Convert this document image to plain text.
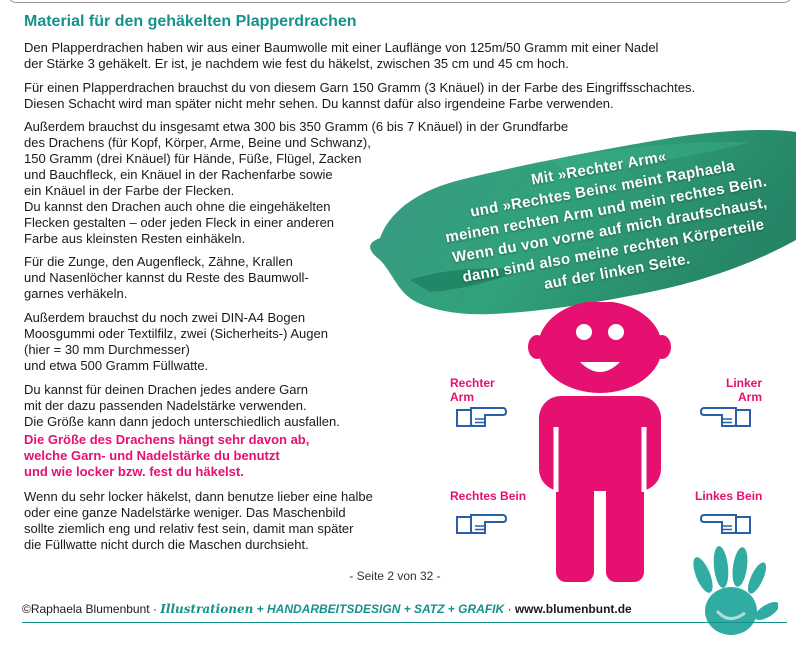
Material für den gehäkelten Plapperdrachen

Den Plapperdrachen haben wir aus einer Baumwolle mit einer Lauflänge von 125m/50 Gramm mit einer Nadel
der Stärke 3 gehäkelt. Er ist, je nachdem wie fest du häkelst, zwischen 35 cm und 45 cm hoch.

Für einen Plapperdrachen brauchst du von diesem Garn 150 Gramm (3 Knäuel) in der Farbe des Eingriffsschachtes.
Diesen Schacht wird man später nicht mehr sehen. Du kannst dafür also irgendeine Farbe verwenden.

Außerdem brauchst du insgesamt etwa 300 bis 350 Gramm (6 bis 7 Knäuel) in der Grundfarbe
des Drachens (für Kopf, Körper, Arme, Beine und Schwanz),
150 Gramm (drei Knäuel) für Hände, Füße, Flügel, Zacken
und Bauchfleck, ein Knäuel in der Rachenfarbe sowie
ein Knäuel in der Farbe der Flecken.
Du kannst den Drachen auch ohne die eingehäkelten
Flecken gestalten – oder jeden Fleck in einer anderen
Farbe aus kleinsten Resten einhäkeln.

Für die Zunge, den Augenfleck, Zähne, Krallen
und Nasenlöcher kannst du Reste des Baumwoll-
garnes verhäkeln.

Außerdem brauchst du noch zwei DIN-A4 Bogen
Moosgummi oder Textilfilz, zwei (Sicherheits-) Augen
(hier = 30 mm Durchmesser)
und etwa 500 Gramm Füllwatte.

Du kannst für deinen Drachen jedes andere Garn
mit der dazu passenden Nadelstärke verwenden.
Die Größe kann dann jedoch unterschiedlich ausfallen.

Die Größe des Drachens hängt sehr davon ab,
welche Garn- und Nadelstärke du benutzt
und wie locker bzw. fest du häkelst.

Wenn du sehr locker häkelst, dann benutze lieber eine halbe
oder eine ganze Nadelstärke weniger. Das Maschenbild
sollte ziemlich eng und relativ fest sein, damit man später
die Füllwatte nicht durch die Maschen durchsieht.

Mit »Rechter Arm«
und »Rechtes Bein« meint Raphaela
meinen rechten Arm und mein rechtes Bein.
Wenn du von vorne auf mich draufschaust,
dann sind also meine rechten Körperteile
auf der linken Seite.
Rechter
Arm
Linker
Arm
Rechtes Bein	Linkes Bein
- Seite 2 von 32 -
©Raphaela Blumenbunt · Illustrationen + HANDARBEITSDESIGN + SATZ + GRAFIK · www.blumenbunt.de
